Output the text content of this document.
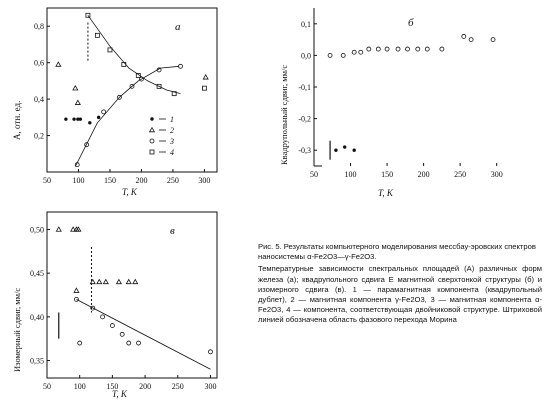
a
0,2
0,4
0,6
0,8
50	100 150 200 250 300
1
2
3
4
A, отн. ед.
T, K
б
0,1
0,0
-0,1
-0,2
-0,3
50	100	150	200	250	300
Квадрупольный сдвиг, мм/с
T, K
в
0,50
0,45
0,40
0,35
50	100	150	200	250	300
Изомерный сдвиг, мм/с
T, K
Рис. 5. Результаты компьютерного моделирования мессбау-эровских спектров наносистемы α-Fe2O3—γ-Fe2O3.
Температурные зависимости спектральных площадей (A) различных форм железа (a); квадрупольного сдвига E магнитной сверхтонкой структуры (б) и изомерного сдвига (в). 1 — парамагнитная компонента (квадрупольный дублет), 2 — магнитная компонента γ-Fe2O3, 3 — магнитная компонента α-Fe2O3, 4 — компонента, соответствующая двойниковой структуре. Штриховой линией обозначена область фазового перехода Морина
